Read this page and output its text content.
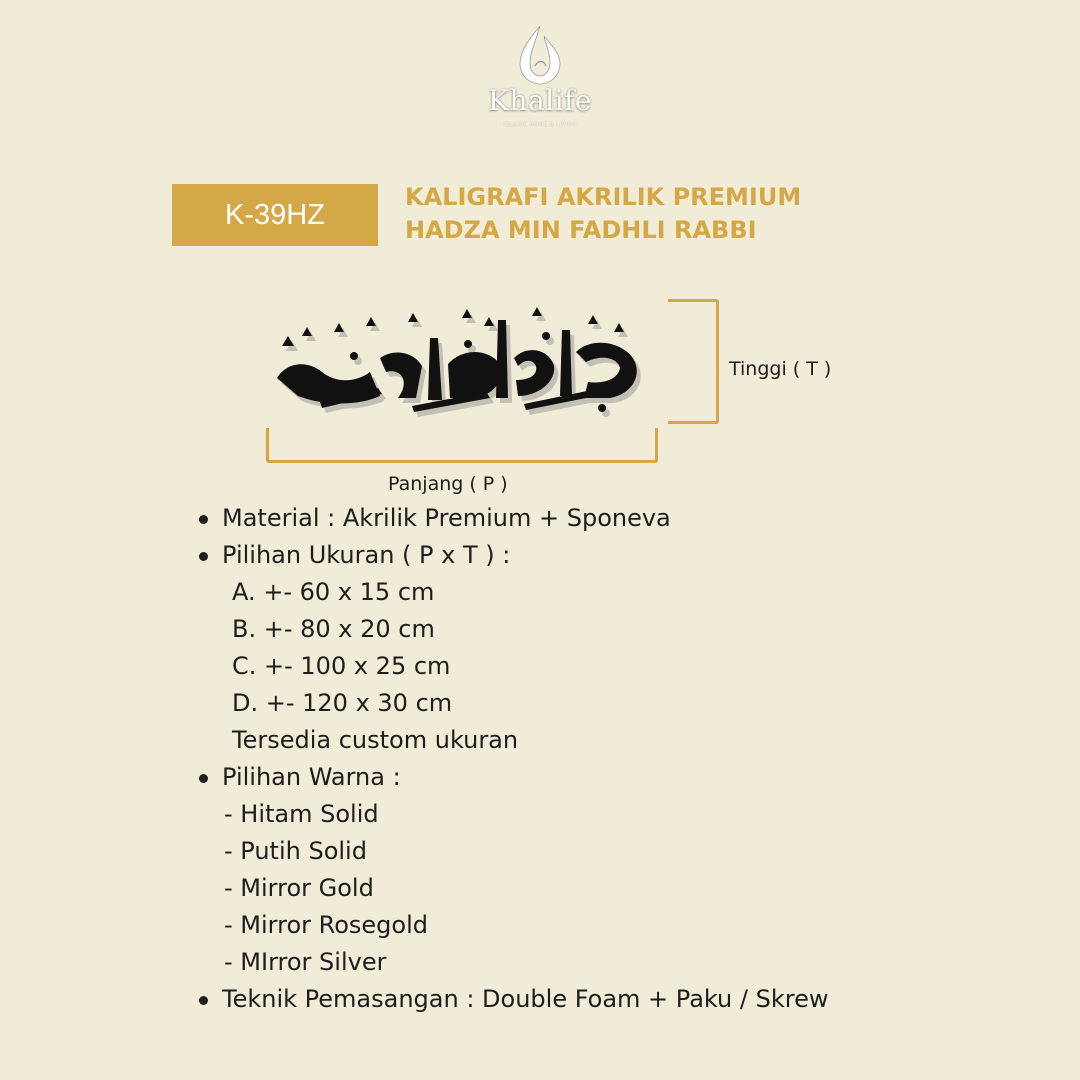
Khalife
ISLAMIC HOME & LIVING
K-39HZ
KALIGRAFI AKRILIK PREMIUM
HADZA MIN FADHLI RABBI
Tinggi ( T )
Panjang ( P )
Material : Akrilik Premium + Sponeva
Pilihan Ukuran ( P x T ) :
A. +- 60 x 15 cm
B. +- 80 x 20 cm
C. +- 100 x 25 cm
D. +- 120 x 30 cm
Tersedia custom ukuran
Pilihan Warna :
- Hitam Solid
- Putih Solid
- Mirror Gold
- Mirror Rosegold
- MIrror Silver
Teknik Pemasangan : Double Foam + Paku / Skrew
